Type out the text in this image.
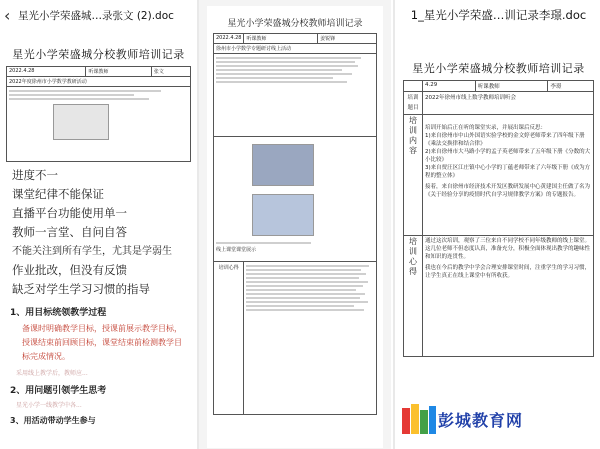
‹ 星光小学荣盛城…录张文 (2).doc
星光小学荣盛城分校教师培训记录
2022.4.28	听课教师	张文
2022年度徐州市小学数学教研活动

进度不一
课堂纪律不能保证
直播平台功能使用单一
教师一言堂、自问自答
不能关注到所有学生，尤其是学弱生
作业批改，但没有反馈
缺乏对学生学习习惯的指导
1、用目标统领教学过程
备课时明确教学目标，授课前展示教学目标，授课结束前回顾目标，课堂结束前检测教学目标完成情况。
采用线上教学后，教师应...
2、用问题引领学生思考
星光小学一线教学中各...
3、用活动带动学生参与
星光小学荣盛城分校教师培训记录
2022.4.28	听课教师	姜锐锋
徐州市小学数学专题研讨线上活动		

线上课堂课堂展示		

培训心得		
1_星光小学荣盛…训记录李璟.doc
星光小学荣盛城分校教师培训记录
	4.29	听课教师	李璟
培训题目	2022年徐州市线上数学教师培训听会		
培训内容	培训开始后正在听的课堂实录，并展出课后反思：
1)来自徐州市中山外国语实验学校的金文婷老师带来了四年级下册《乘法交换律和结合律》
2)来自徐州市大马路小学的孟子英老师带来了五年级下册《分数的大小比较》
3)来自贾汪区江庄镇中心小学的丁蕴老师带来了六年级下册《成为方程的整立体》

接着，来自徐州市经济技术开发区教研发展中心黄建国主任做了名为《关于经验分享的疫情时代自学习规律教学方案》的专题报告。		

培训心得	通过这次培训，观察了三位来自不同学校不同年级教师的线上课堂。这几位老师不但态度认真，准备充分，积极全面体现出教学的趣味性和知识的连贯性。
我也在今后的教学中学会合理安排课堂时间，注重学生的学习习惯，让学生真正在线上课堂中有所收获。		
彭城教育网
